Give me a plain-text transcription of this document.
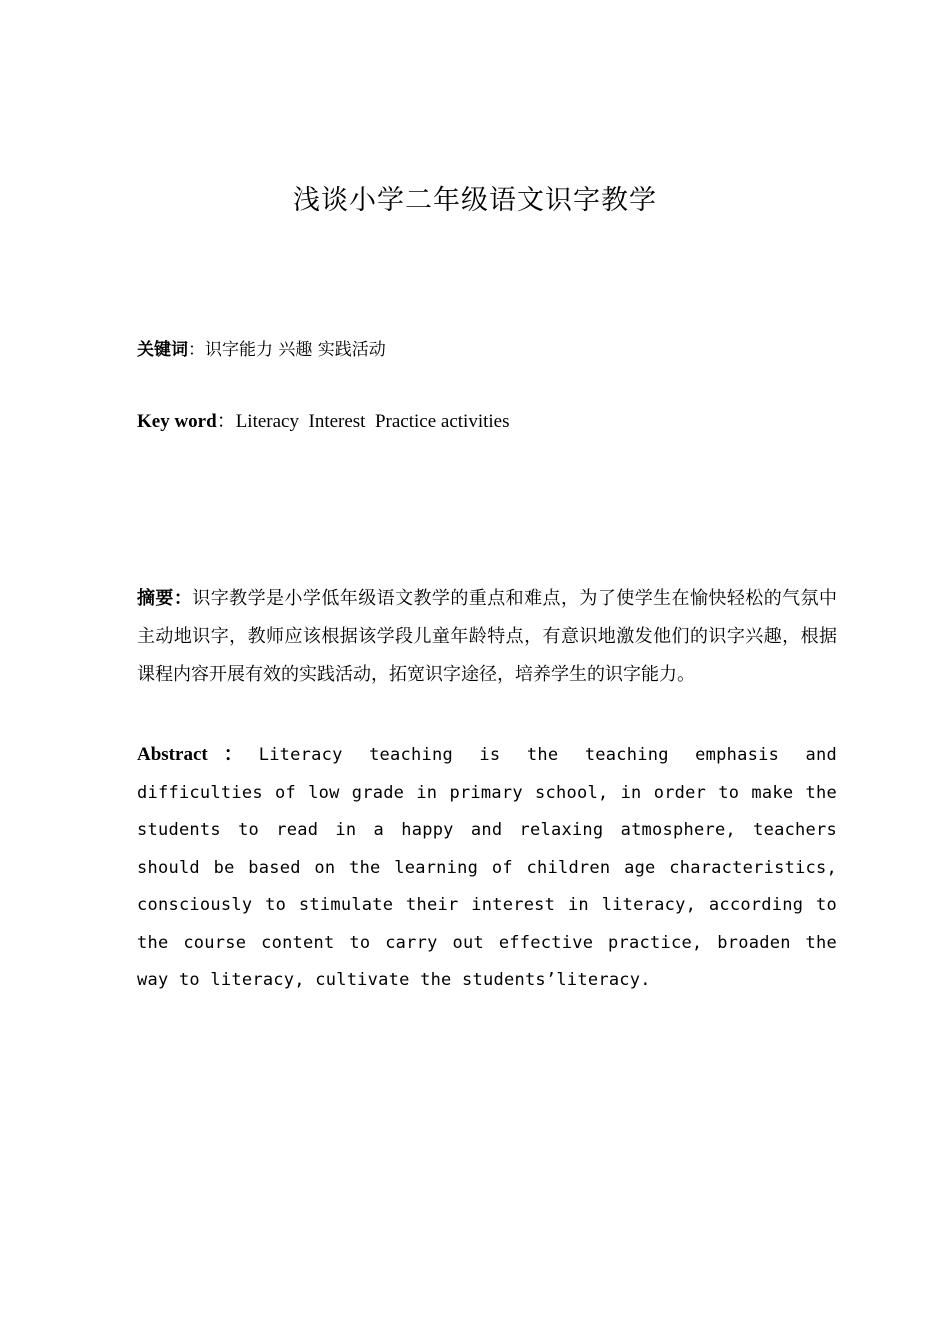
浅谈小学二年级语文识字教学
关键词：识字能力 兴趣 实践活动
Key word：Literacy  Interest  Practice activities

摘要：识字教学是小学低年级语文教学的重点和难点，为了使学生在愉快轻松的气氛中主动地识字，教师应该根据该学段儿童年龄特点，有意识地激发他们的识字兴趣，根据课程内容开展有效的实践活动，拓宽识字途径，培养学生的识字能力。

Abstract：Literacy teaching is the teaching emphasis and difficulties of low grade in primary school, in order to make the students to read in a happy and relaxing atmosphere, teachers should be based on the learning of children age characteristics, consciously to stimulate their interest in literacy, according to the course content to carry out effective practice, broaden the way to literacy, cultivate the students’literacy.
